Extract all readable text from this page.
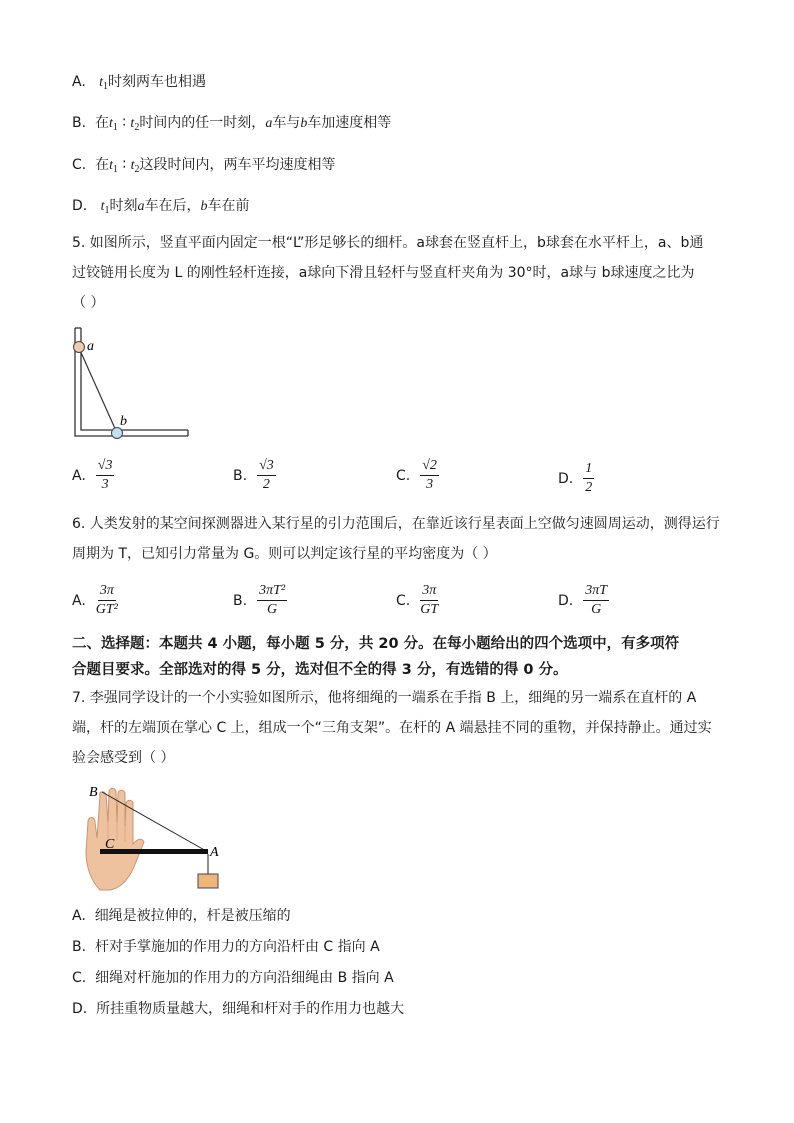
A. $t_1$时刻两车也相遇
B. 在$t_1$ ∶ $t_2$时间内的任一时刻，a车与b车加速度相等
C. 在$t_1$ ∶ $t_2$这段时间内，两车平均速度相等
D. $t_1$时刻a车在后，b车在前
5. 如图所示，竖直平面内固定一根“L”形足够长的细杆。a球套在竖直杆上，b球套在水平杆上，a、b通
过铰链用长度为 L 的刚性轻杆连接，a球向下滑且轻杆与竖直杆夹角为 30°时，a球与 b球速度之比为
（ ）
a
b
A. $\frac{√3}{3}$	B. $\frac{√3}{2}$	C. $\frac{√2}{3}$	D. $\frac{1}{2}$
6. 人类发射的某空间探测器进入某行星的引力范围后，在靠近该行星表面上空做匀速圆周运动，测得运行
周期为 T，已知引力常量为 G。则可以判定该行星的平均密度为（ ）
A. $\frac{3\pi}{\text{GT²}}$	B. $\frac{\text{3πT²}}{G}$	C. $\frac{3\pi}{GT}$	D. $\frac{3\pi T}{G}$
二、选择题：本题共 4 小题，每小题 5 分，共 20 分。在每小题给出的四个选项中，有多项符
合题目要求。全部选对的得 5 分，选对但不全的得 3 分，有选错的得 0 分。
7. 李强同学设计的一个小实验如图所示，他将细绳的一端系在手指 B 上，细绳的另一端系在直杆的 A
端，杆的左端顶在掌心 C 上，组成一个“三角支架”。在杆的 A 端悬挂不同的重物，并保持静止。通过实
验会感受到（ ）
B
C
A
A. 细绳是被拉伸的，杆是被压缩的
B. 杆对手掌施加的作用力的方向沿杆由 C 指向 A
C. 细绳对杆施加的作用力的方向沿细绳由 B 指向 A
D. 所挂重物质量越大，细绳和杆对手的作用力也越大
